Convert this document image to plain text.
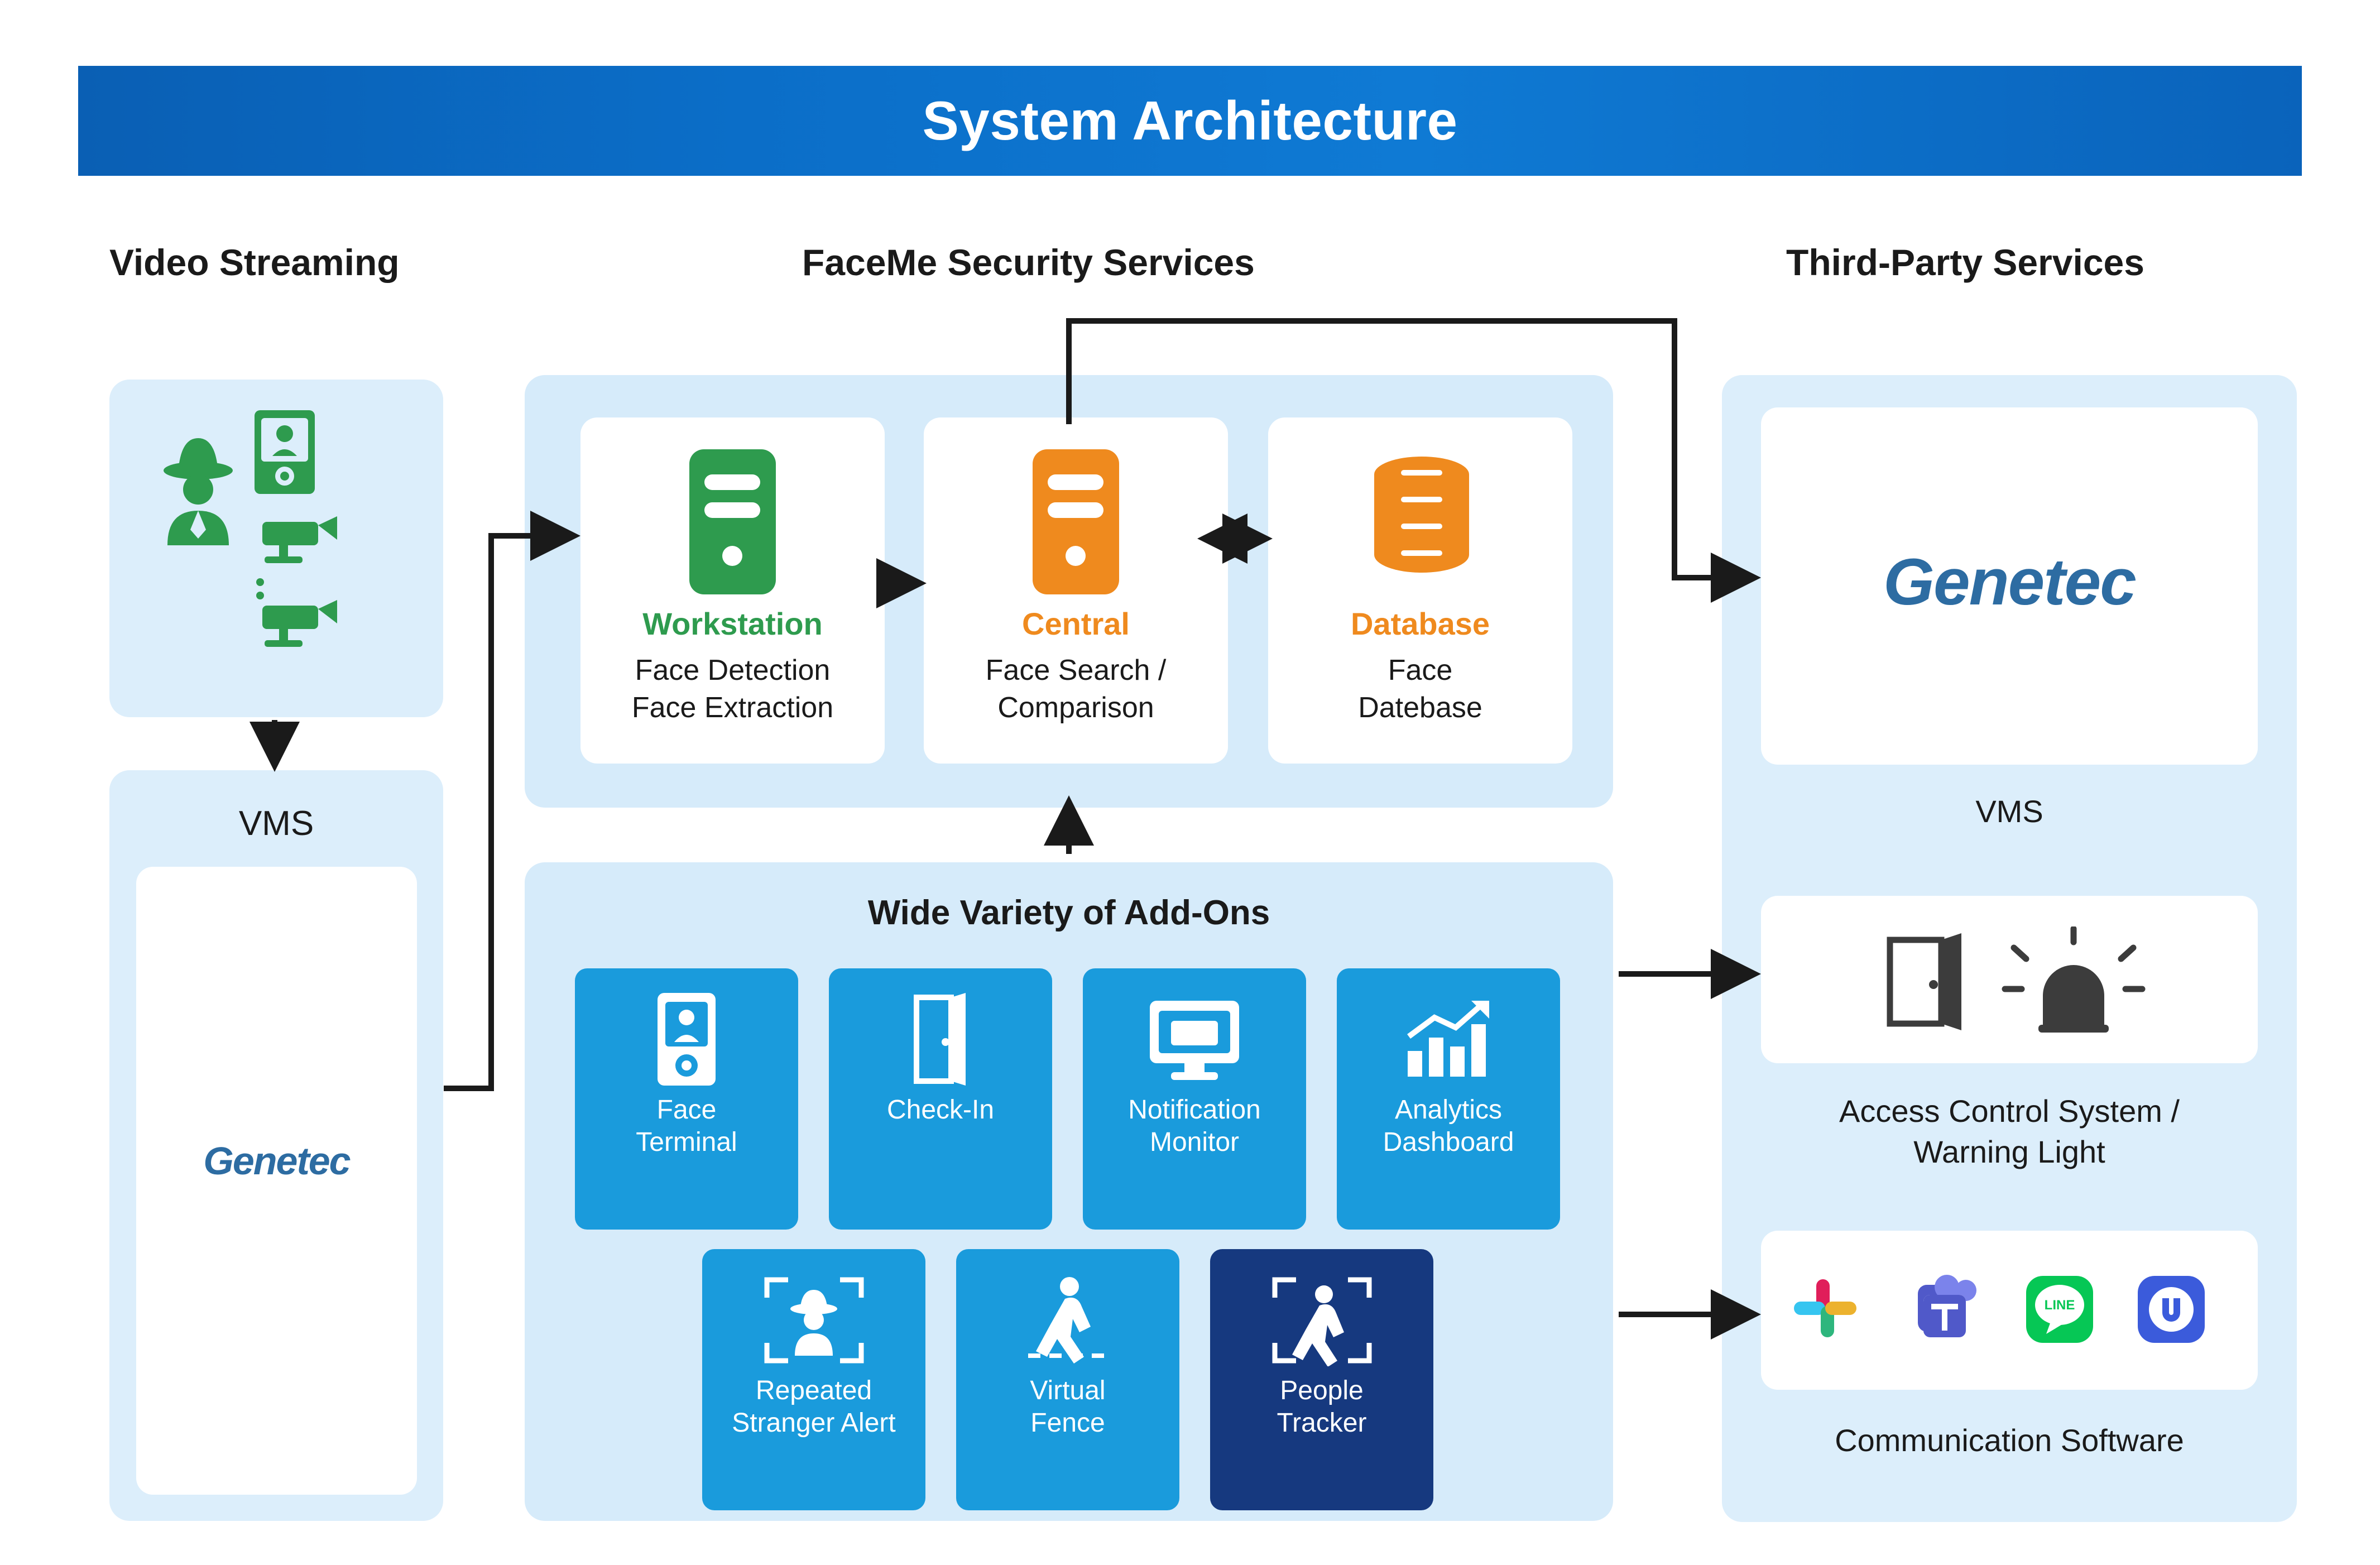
System Architecture
Video Streaming	FaceMe Security Services	Third-Party Services
VMS
Genetec
Workstation	Central	Database
Face Detection
Face Extraction
Face Search /
Comparison
Face
Datebase
Wide Variety of Add-Ons
Face
Terminal
Check-In	Notification
Monitor
Analytics
Dashboard
Repeated
Stranger Alert
Virtual
Fence
People
Tracker
Genetec
VMS
Access Control System /
Warning Light
LINE
Communication Software
